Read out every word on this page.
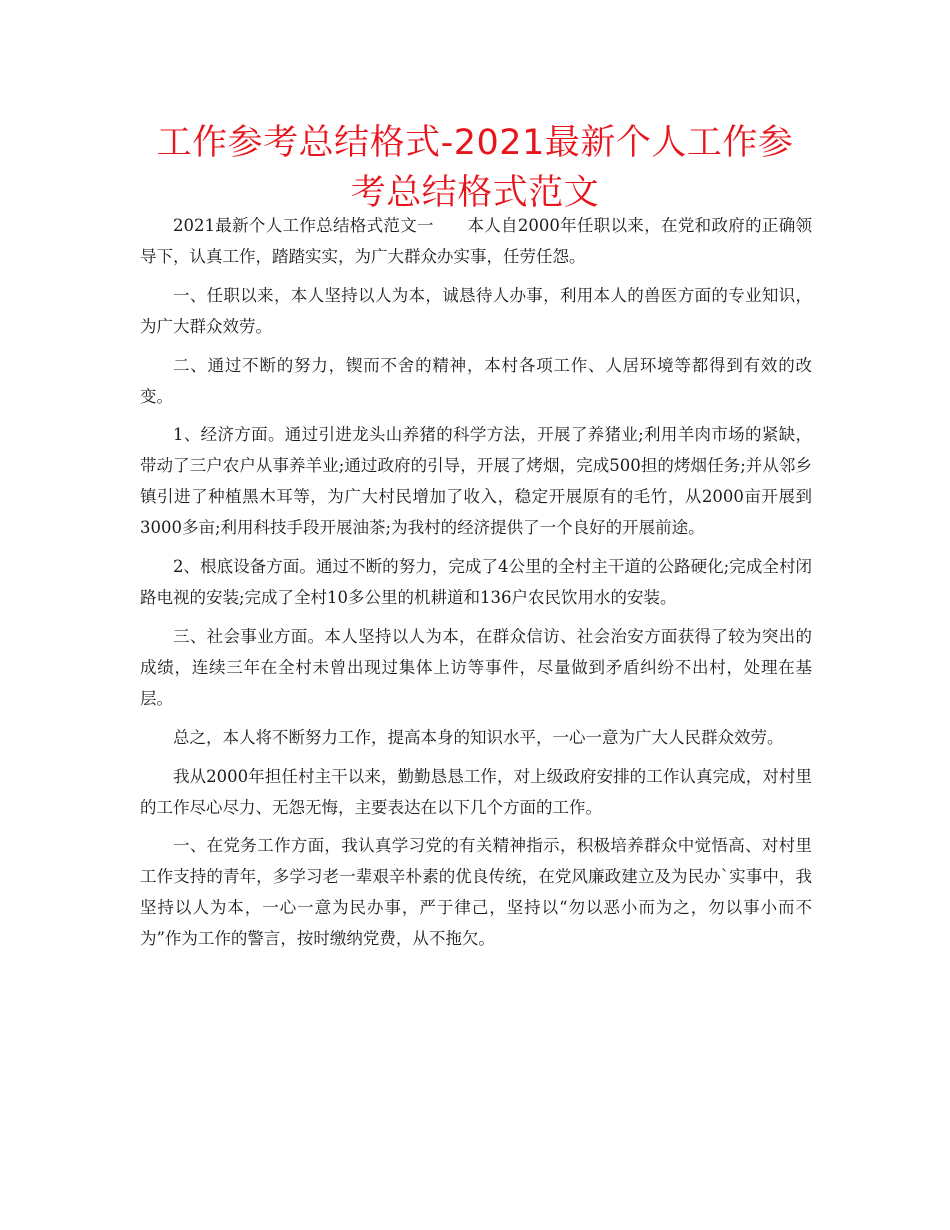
工作参考总结格式-2021最新个人工作参考总结格式范文

2021最新个人工作总结格式范文一　　本人自2000年任职以来，在党和政府的正确领导下，认真工作，踏踏实实，为广大群众办实事，任劳任怨。

一、任职以来，本人坚持以人为本，诚恳待人办事，利用本人的兽医方面的专业知识，为广大群众效劳。

二、通过不断的努力，锲而不舍的精神，本村各项工作、人居环境等都得到有效的改变。

1、经济方面。通过引进龙头山养猪的科学方法，开展了养猪业;利用羊肉市场的紧缺，带动了三户农户从事养羊业;通过政府的引导，开展了烤烟，完成500担的烤烟任务;并从邻乡镇引进了种植黑木耳等，为广大村民增加了收入，稳定开展原有的毛竹，从2000亩开展到3000多亩;利用科技手段开展油茶;为我村的经济提供了一个良好的开展前途。

2、根底设备方面。通过不断的努力，完成了4公里的全村主干道的公路硬化;完成全村闭路电视的安装;完成了全村10多公里的机耕道和136户农民饮用水的安装。

三、社会事业方面。本人坚持以人为本，在群众信访、社会治安方面获得了较为突出的成绩，连续三年在全村未曾出现过集体上访等事件，尽量做到矛盾纠纷不出村，处理在基层。

总之，本人将不断努力工作，提高本身的知识水平，一心一意为广大人民群众效劳。

我从2000年担任村主干以来，勤勤恳恳工作，对上级政府安排的工作认真完成，对村里的工作尽心尽力、无怨无悔，主要表达在以下几个方面的工作。

一、在党务工作方面，我认真学习党的有关精神指示，积极培养群众中觉悟高、对村里工作支持的青年，多学习老一辈艰辛朴素的优良传统，在党风廉政建立及为民办`实事中，我坚持以人为本，一心一意为民办事，严于律己，坚持以“勿以恶小而为之，勿以事小而不为”作为工作的警言，按时缴纳党费，从不拖欠。
